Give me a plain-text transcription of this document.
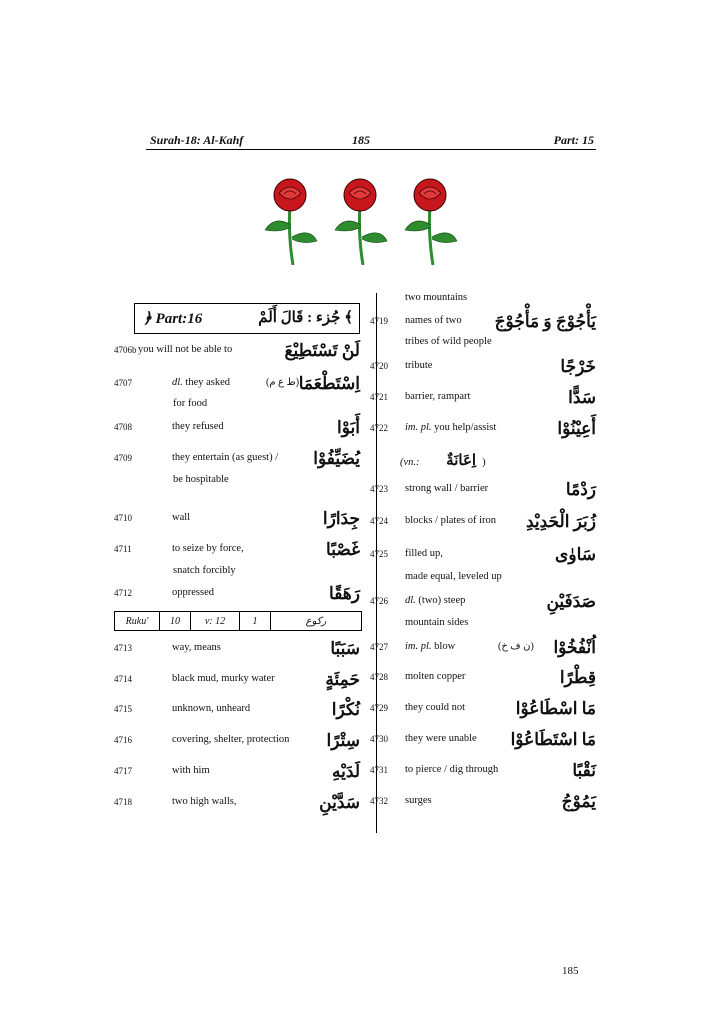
Surah-18: Al-Kahf	185	Part: 15
﴿ Part:16	﴾ جُزء : قَالَ أَلَمْ
4706b you will not be able to	لَنْ تَسْتَطِيْعَ
4707	dl. they asked	(ط ع م) اِسْتَطْعَمَا
for food
4708	they refused	أَبَوْا
4709	they entertain (as guest) / يُضَيِّفُوْا
be hospitable
4710	wall	جِدَارًا
4711	to seize by force,	غَصْبًا
snatch forcibly
4712	oppressed	رَهَقًا
Ruku'	10	v: 12	1	رکوع
4713	way, means	سَبَبًا
4714	black mud, murky water	حَمِئَةٍ
4715	unknown, unheard	نُكْرًا
4716	covering, shelter, protection سِتْرًا
4717	with him	لَدَيْهِ
4718	two high walls,	سَدَّيْنِ
two mountains
4719 names of two يَأْجُوْجَ وَ مَأْجُوْجَ
tribes of wild people
4720 tribute	خَرْجًا
4721 barrier, rampart	سَدًّا
4722 im. pl. you help/assist	أَعِيْنُوْا
(vn.: اِعَانَةٌ )
4723 strong wall / barrier	رَدْمًا
4724 blocks / plates of iron زُبَرَ الْحَدِيْدِ
4725 filled up,	سَاوٰى
made equal, leveled up
4726 dl. (two) steep	صَدَفَيْنِ
mountain sides
4727 im. pl. blow	(ن ف خ) اُنْفُخُوْا
4728 molten copper	قِطْرًا
4729 they could not	مَا اسْطَاعُوْا
4730 they were unable مَا اسْتَطَاعُوْا
4731 to pierce / dig through	نَقْبًا
4732 surges	يَمُوْجُ
185
